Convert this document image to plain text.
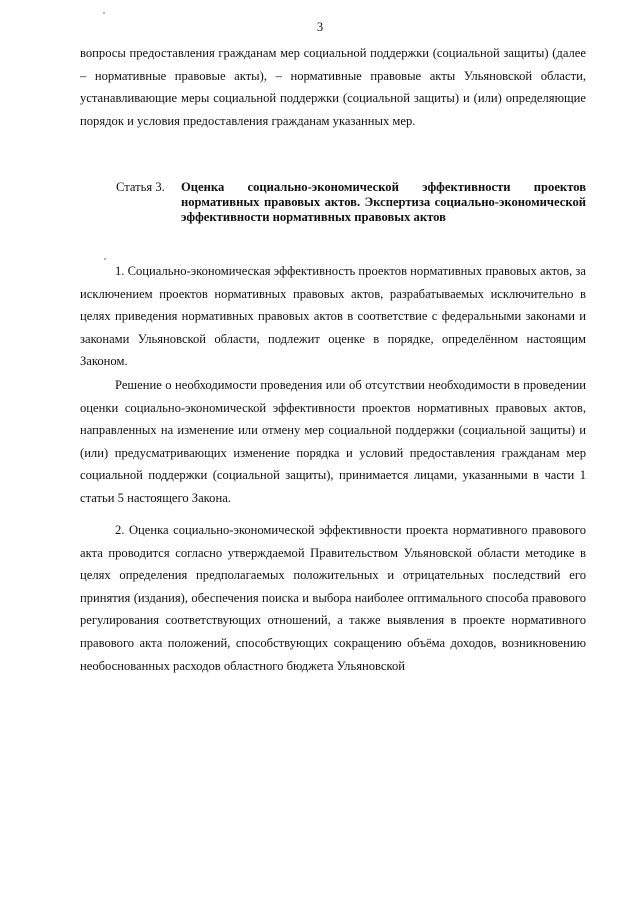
3

вопросы предоставления гражданам мер социальной поддержки (социальной защиты) (далее – нормативные правовые акты), – нормативные правовые акты Ульяновской области, устанавливающие меры социальной поддержки (социальной защиты) и (или) определяющие порядок и условия предоставления гражданам указанных мер.

Статья 3.	Оценка социально-экономической эффективности проектов нормативных правовых актов. Экспертиза социально-экономической эффективности нормативных правовых актов

1. Социально-экономическая эффективность проектов нормативных правовых актов, за исключением проектов нормативных правовых актов, разрабатываемых исключительно в целях приведения нормативных правовых актов в соответствие с федеральными законами и законами Ульяновской области, подлежит оценке в порядке, определённом настоящим Законом.

Решение о необходимости проведения или об отсутствии необходимости в проведении оценки социально-экономической эффективности проектов нормативных правовых актов, направленных на изменение или отмену мер социальной поддержки (социальной защиты) и (или) предусматривающих изменение порядка и условий предоставления гражданам мер социальной поддержки (социальной защиты), принимается лицами, указанными в части 1 статьи 5 настоящего Закона.

2. Оценка социально-экономической эффективности проекта нормативного правового акта проводится согласно утверждаемой Правительством Ульяновской области методике в целях определения предполагаемых положительных и отрицательных последствий его принятия (издания), обеспечения поиска и выбора наиболее оптимального способа правового регулирования соответствующих отношений, а также выявления в проекте нормативного правового акта положений, способствующих сокращению объёма доходов, возникновению необоснованных расходов областного бюджета Ульяновской
